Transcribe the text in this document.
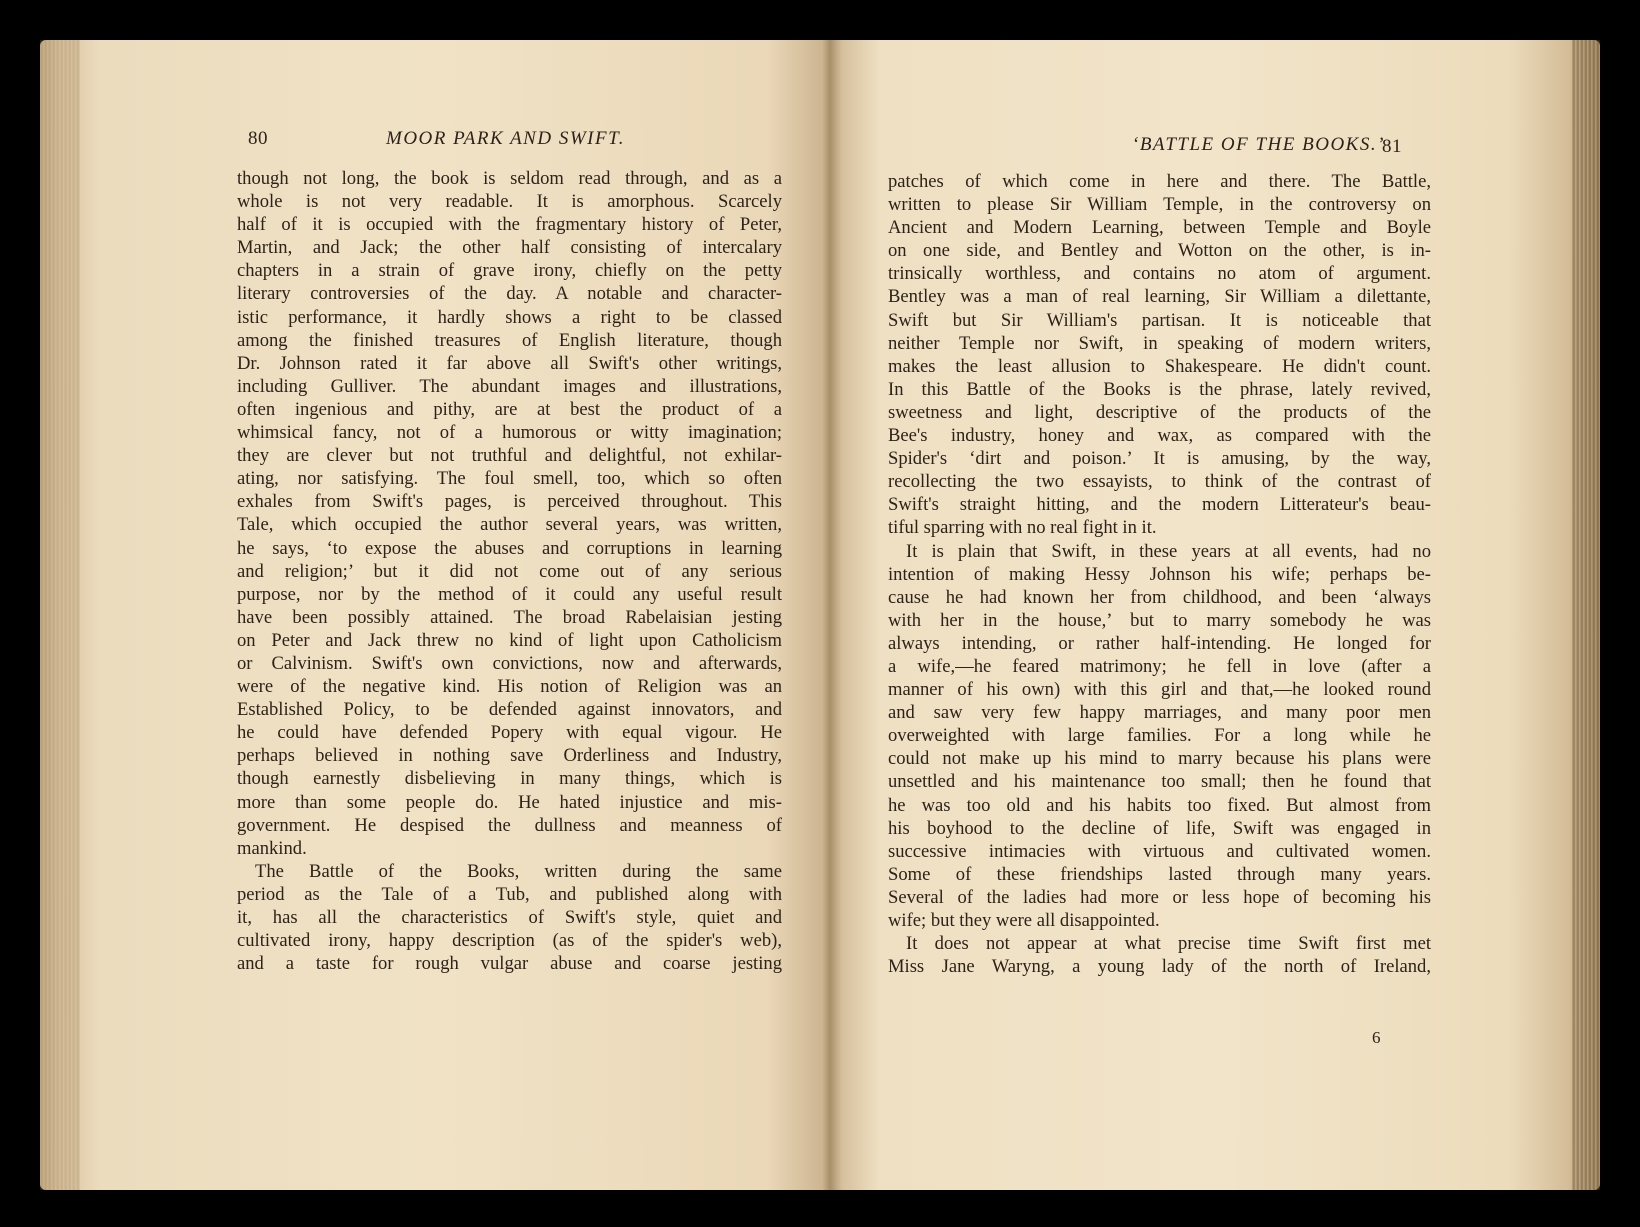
80	MOOR PARK AND SWIFT.
though not long, the book is seldom read through, and as a
whole is not very readable. It is amorphous. Scarcely
half of it is occupied with the fragmentary history of Peter,
Martin, and Jack; the other half consisting of intercalary
chapters in a strain of grave irony, chiefly on the petty
literary controversies of the day. A notable and character-
istic performance, it hardly shows a right to be classed
among the finished treasures of English literature, though
Dr. Johnson rated it far above all Swift's other writings,
including Gulliver. The abundant images and illustrations,
often ingenious and pithy, are at best the product of a
whimsical fancy, not of a humorous or witty imagination;
they are clever but not truthful and delightful, not exhilar-
ating, nor satisfying. The foul smell, too, which so often
exhales from Swift's pages, is perceived throughout. This
Tale, which occupied the author several years, was written,
he says, ‘to expose the abuses and corruptions in learning
and religion;’ but it did not come out of any serious
purpose, nor by the method of it could any useful result
have been possibly attained. The broad Rabelaisian jesting
on Peter and Jack threw no kind of light upon Catholicism
or Calvinism. Swift's own convictions, now and afterwards,
were of the negative kind. His notion of Religion was an
Established Policy, to be defended against innovators, and
he could have defended Popery with equal vigour. He
perhaps believed in nothing save Orderliness and Industry,
though earnestly disbelieving in many things, which is
more than some people do. He hated injustice and mis-
government. He despised the dullness and meanness of
mankind.
The Battle of the Books, written during the same
period as the Tale of a Tub, and published along with
it, has all the characteristics of Swift's style, quiet and
cultivated irony, happy description (as of the spider's web),
and a taste for rough vulgar abuse and coarse jesting
‘BATTLE OF THE BOOKS.’
81
patches of which come in here and there. The Battle,
written to please Sir William Temple, in the controversy on
Ancient and Modern Learning, between Temple and Boyle
on one side, and Bentley and Wotton on the other, is in-
trinsically worthless, and contains no atom of argument.
Bentley was a man of real learning, Sir William a dilettante,
Swift but Sir William's partisan. It is noticeable that
neither Temple nor Swift, in speaking of modern writers,
makes the least allusion to Shakespeare. He didn't count.
In this Battle of the Books is the phrase, lately revived,
sweetness and light, descriptive of the products of the
Bee's industry, honey and wax, as compared with the
Spider's ‘dirt and poison.’ It is amusing, by the way,
recollecting the two essayists, to think of the contrast of
Swift's straight hitting, and the modern Litterateur's beau-
tiful sparring with no real fight in it.
It is plain that Swift, in these years at all events, had no
intention of making Hessy Johnson his wife; perhaps be-
cause he had known her from childhood, and been ‘always
with her in the house,’ but to marry somebody he was
always intending, or rather half-intending. He longed for
a wife,—he feared matrimony; he fell in love (after a
manner of his own) with this girl and that,—he looked round
and saw very few happy marriages, and many poor men
overweighted with large families. For a long while he
could not make up his mind to marry because his plans were
unsettled and his maintenance too small; then he found that
he was too old and his habits too fixed. But almost from
his boyhood to the decline of life, Swift was engaged in
successive intimacies with virtuous and cultivated women.
Some of these friendships lasted through many years.
Several of the ladies had more or less hope of becoming his
wife; but they were all disappointed.
It does not appear at what precise time Swift first met
Miss Jane Waryng, a young lady of the north of Ireland,
6
